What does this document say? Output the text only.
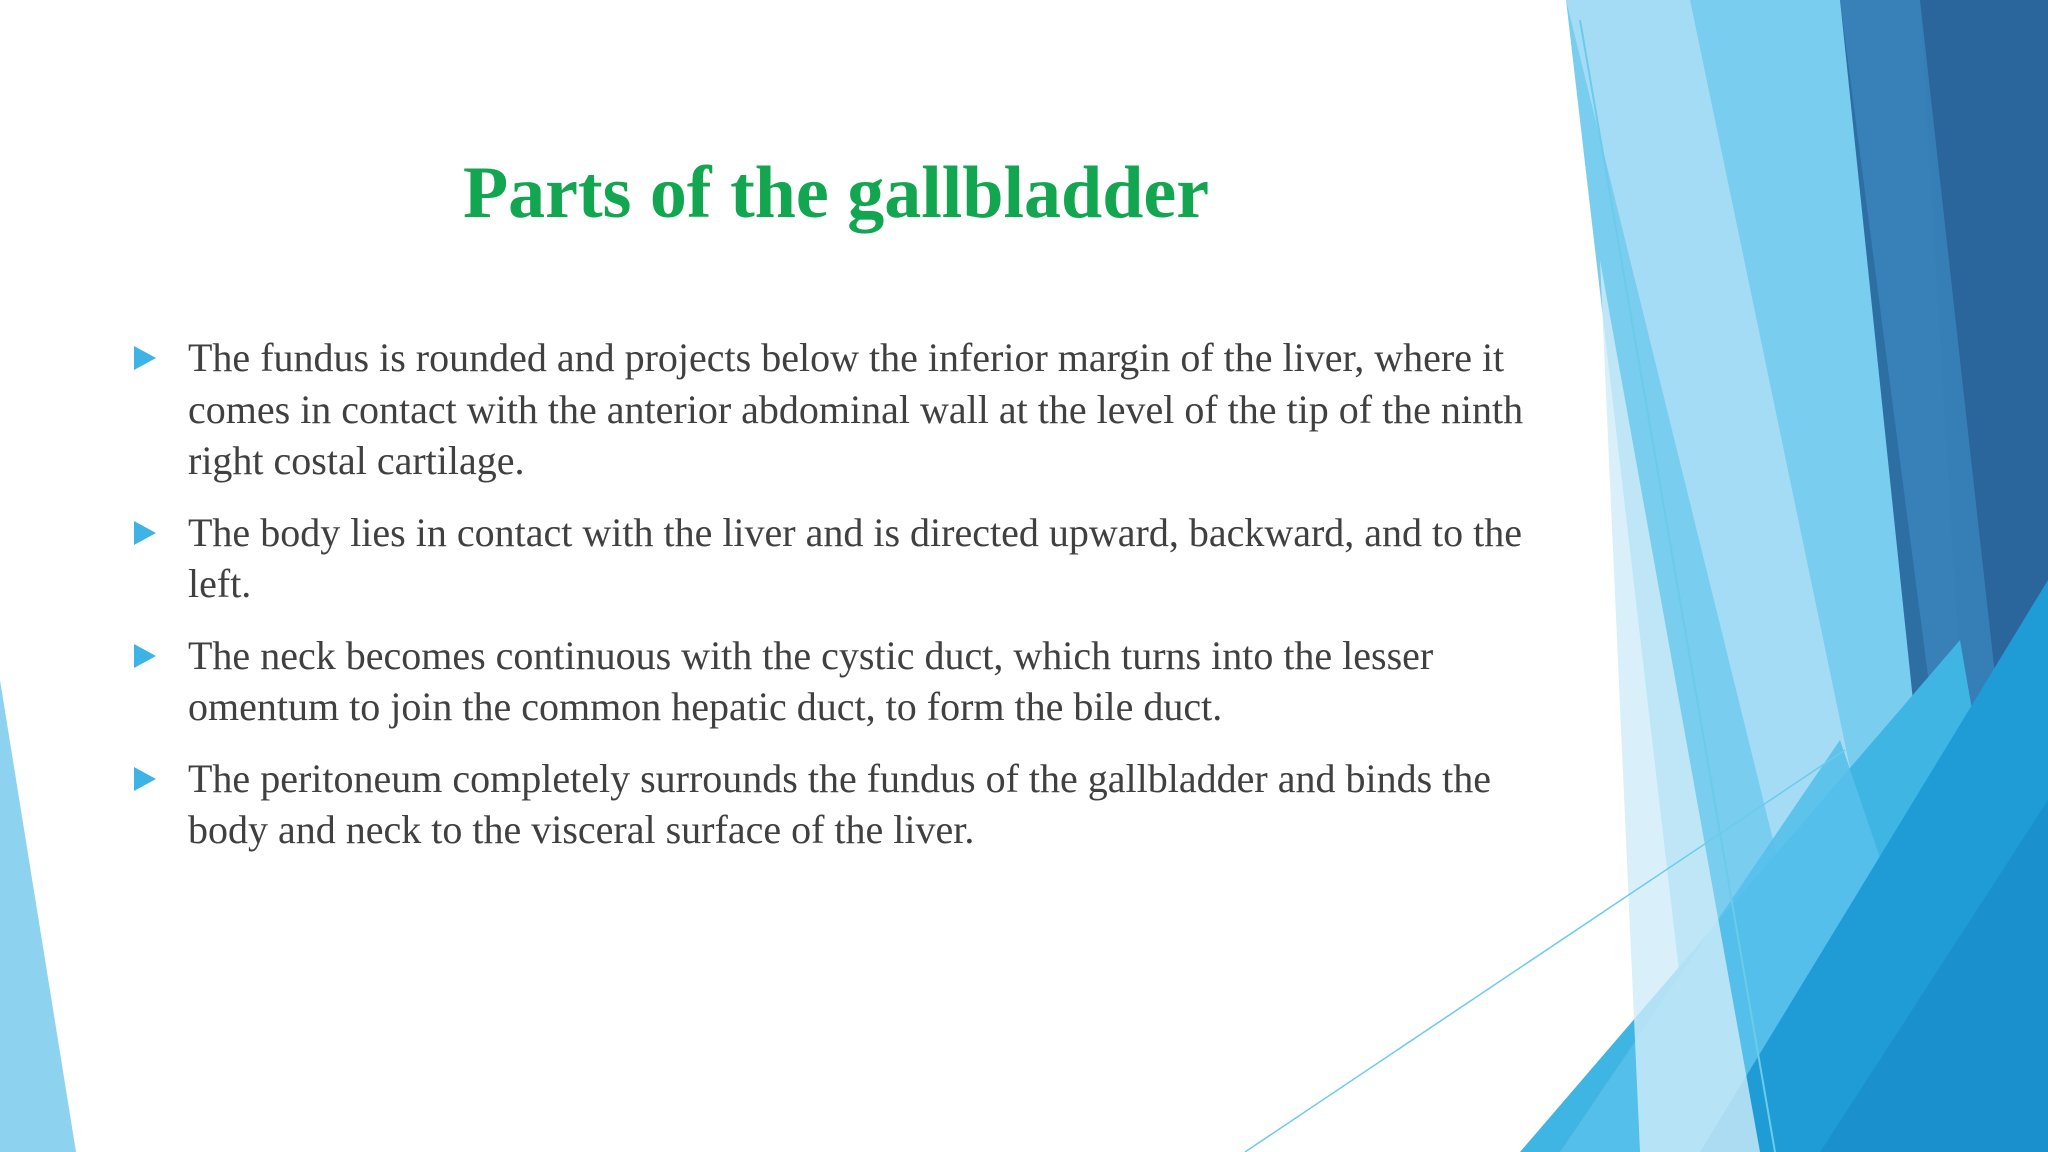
Parts of the gallbladder
The fundus is rounded and projects below the inferior margin of the liver, where it comes in contact with the anterior abdominal wall at the level of the tip of the ninth right costal cartilage.
The body lies in contact with the liver and is directed upward, backward, and to the left.
The neck becomes continuous with the cystic duct, which turns into the lesser omentum to join the common hepatic duct, to form the bile duct.
The peritoneum completely surrounds the fundus of the gallbladder and binds the body and neck to the visceral surface of the liver.
